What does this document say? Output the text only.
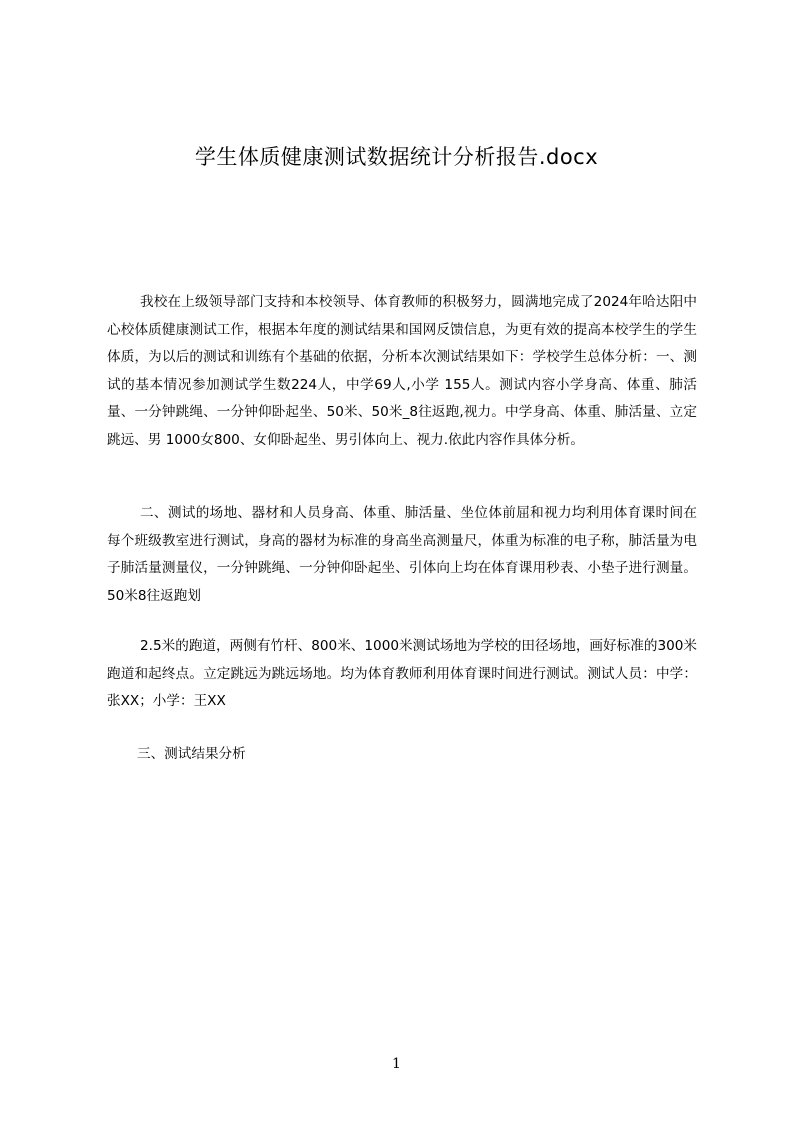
学生体质健康测试数据统计分析报告.docx

我校在上级领导部门支持和本校领导、体育教师的积极努力，圆满地完成了2024年哈达阳中心校体质健康测试工作，根据本年度的测试结果和国网反馈信息，为更有效的提高本校学生的学生体质，为以后的测试和训练有个基础的依据，分析本次测试结果如下：学校学生总体分析：一、测试的基本情况参加测试学生数224人，中学69人,小学 155人。测试内容小学身高、体重、肺活量、一分钟跳绳、一分钟仰卧起坐、50米、50米_8往返跑,视力。中学身高、体重、肺活量、立定跳远、男 1000女800、女仰卧起坐、男引体向上、视力.依此内容作具体分析。

二、测试的场地、器材和人员身高、体重、肺活量、坐位体前屈和视力均利用体育课时间在每个班级教室进行测试，身高的器材为标准的身高坐高测量尺，体重为标准的电子称，肺活量为电子肺活量测量仪，一分钟跳绳、一分钟仰卧起坐、引体向上均在体育课用秒表、小垫子进行测量。50米8往返跑划

2.5米的跑道，两侧有竹杆、800米、1000米测试场地为学校的田径场地，画好标准的300米跑道和起终点。立定跳远为跳远场地。均为体育教师利用体育课时间进行测试。测试人员：中学：张XX；小学：王XX

三、测试结果分析
1
